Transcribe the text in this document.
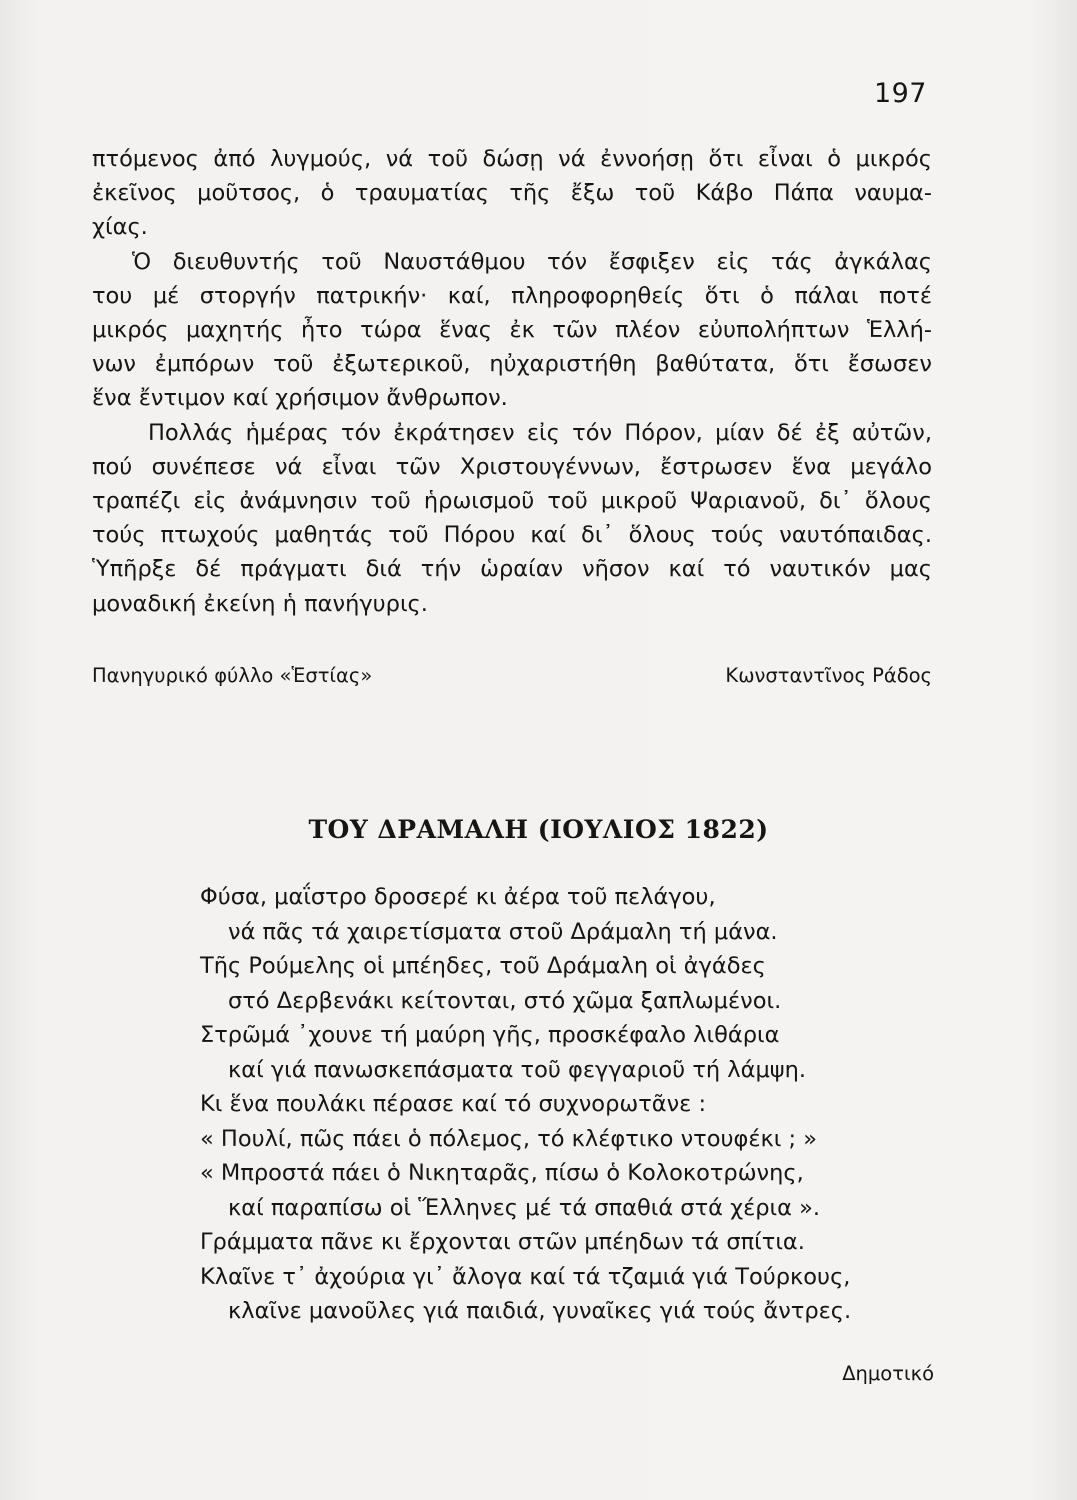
197

πτόμενος ἀπό λυγμούς, νά τοῦ δώσῃ νά ἐννοήσῃ ὅτι εἶναι ὁ μικρός
ἐκεῖνος μοῦτσος, ὁ τραυματίας τῆς ἔξω τοῦ Κάβο Πάπα ναυμα-
χίας.

Ὁ διευθυντής τοῦ Ναυστάθμου τόν ἔσφιξεν εἰς τάς ἀγκάλας
του μέ στοργήν πατρικήν· καί, πληροφορηθείς ὅτι ὁ πάλαι ποτέ
μικρός μαχητής ἦτο τώρα ἕνας ἐκ τῶν πλέον εὐυπολήπτων Ἑλλή-
νων ἐμπόρων τοῦ ἐξωτερικοῦ, ηὐχαριστήθη βαθύτατα, ὅτι ἔσωσεν
ἕνα ἔντιμον καί χρήσιμον ἄνθρωπον.

Πολλάς ἡμέρας τόν ἐκράτησεν εἰς τόν Πόρον, μίαν δέ ἐξ αὐτῶν,
πού συνέπεσε νά εἶναι τῶν Χριστουγέννων, ἔστρωσεν ἕνα μεγάλο
τραπέζι εἰς ἀνάμνησιν τοῦ ἡρωισμοῦ τοῦ μικροῦ Ψαριανοῦ, δι᾿ ὅλους
τούς πτωχούς μαθητάς τοῦ Πόρου καί δι᾿ ὅλους τούς ναυτόπαιδας.
Ὑπῆρξε δέ πράγματι διά τήν ὡραίαν νῆσον καί τό ναυτικόν μας
μοναδική ἐκείνη ἡ πανήγυρις.

Πανηγυρικό φύλλο «Ἑστίας»	Κωνσταντῖνος Ράδος
ΤΟΥ ΔΡΑΜΑΛΗ (ΙΟΥΛΙΟΣ 1822)
Φύσα, μαΐστρο δροσερέ κι ἀέρα τοῦ πελάγου,
νά πᾶς τά χαιρετίσματα στοῦ Δράμαλη τή μάνα.
Τῆς Ρούμελης οἱ μπέηδες, τοῦ Δράμαλη οἱ ἀγάδες
στό Δερβενάκι κείτονται, στό χῶμα ξαπλωμένοι.
Στρῶμά ᾽χουνε τή μαύρη γῆς, προσκέφαλο λιθάρια
καί γιά πανωσκεπάσματα τοῦ φεγγαριοῦ τή λάμψη.
Κι ἕνα πουλάκι πέρασε καί τό συχνορωτᾶνε :
« Πουλί, πῶς πάει ὁ πόλεμος, τό κλέφτικο ντουφέκι ; »
« Μπροστά πάει ὁ Νικηταρᾶς, πίσω ὁ Κολοκοτρώνης,
καί παραπίσω οἱ Ἕλληνες μέ τά σπαθιά στά χέρια ».
Γράμματα πᾶνε κι ἔρχονται στῶν μπέηδων τά σπίτια.
Κλαῖνε τ᾿ ἀχούρια γι᾿ ἄλογα καί τά τζαμιά γιά Τούρκους,
κλαῖνε μανοῦλες γιά παιδιά, γυναῖκες γιά τούς ἄντρες.
Δημοτικό
